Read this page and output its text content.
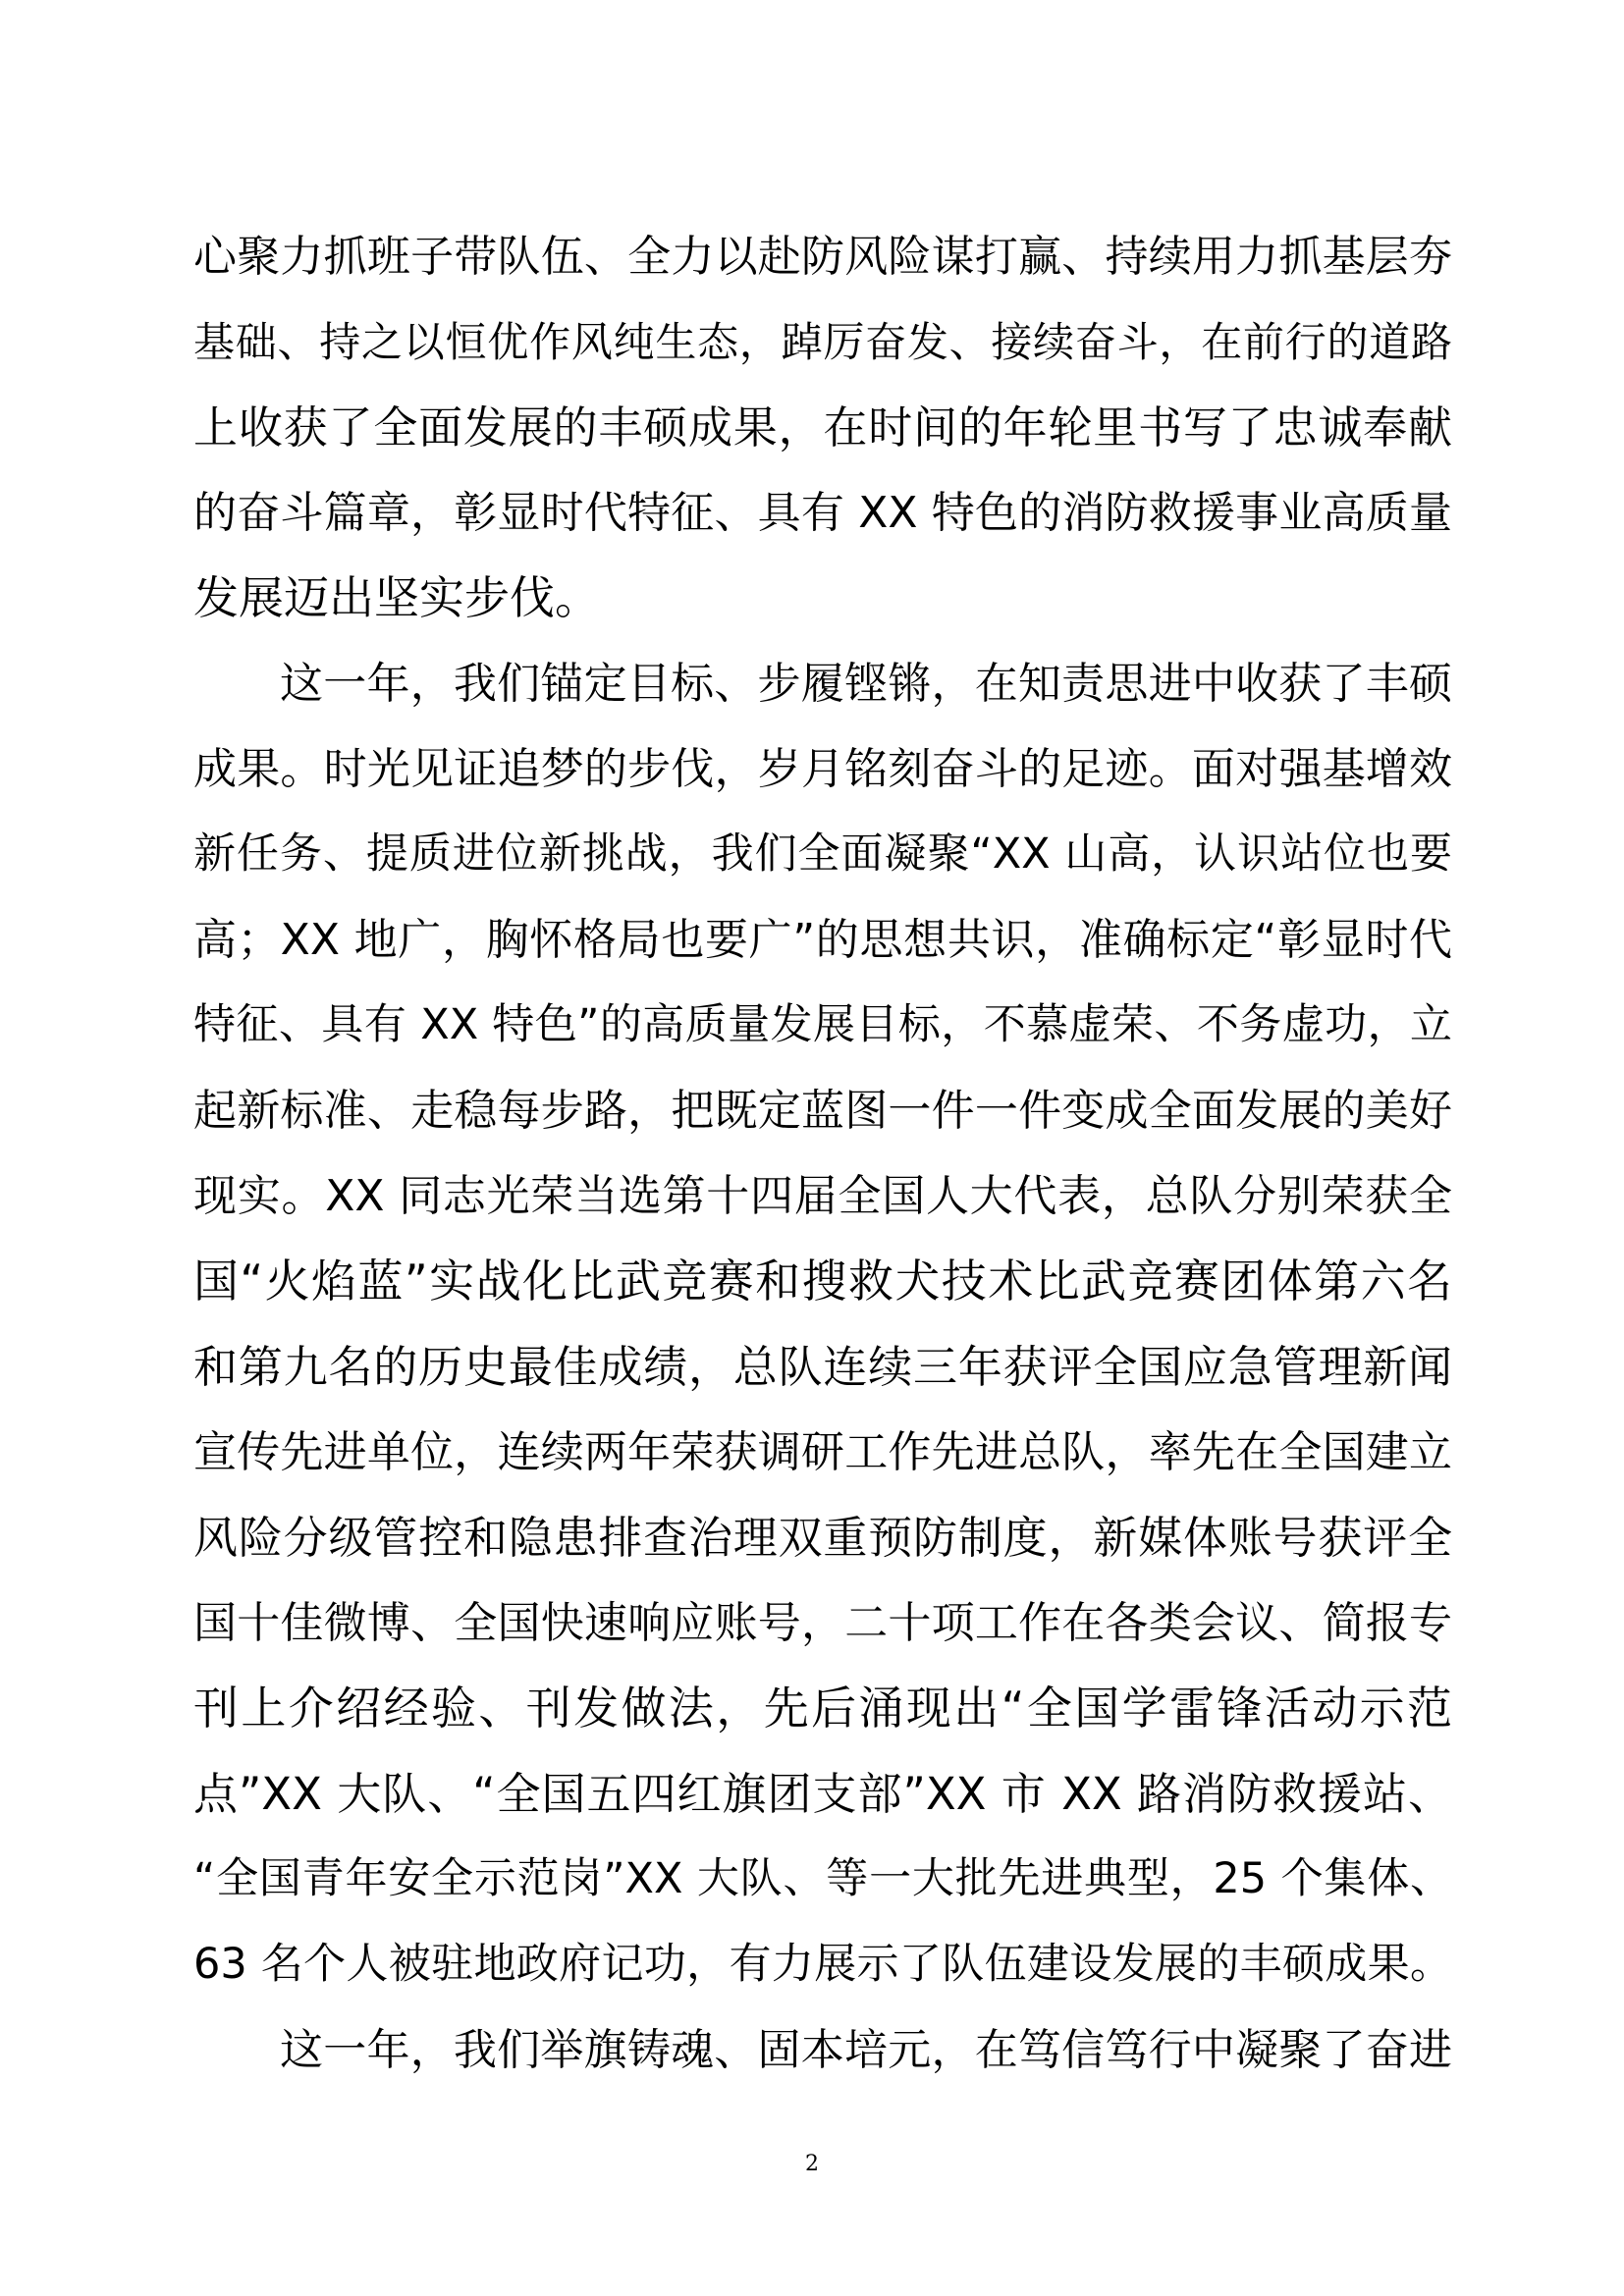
心聚力抓班子带队伍、全力以赴防风险谋打赢、持续用力抓基层夯
基础、持之以恒优作风纯生态，踔厉奋发、接续奋斗，在前行的道路
上收获了全面发展的丰硕成果，在时间的年轮里书写了忠诚奉献
的奋斗篇章，彰显时代特征、具有 XX 特色的消防救援事业高质量
发展迈出坚实步伐。
这一年，我们锚定目标、步履铿锵，在知责思进中收获了丰硕
成果。时光见证追梦的步伐，岁月铭刻奋斗的足迹。面对强基增效
新任务、提质进位新挑战，我们全面凝聚“XX 山高，认识站位也要
高；XX 地广，胸怀格局也要广”的思想共识，准确标定“彰显时代
特征、具有 XX 特色”的高质量发展目标，不慕虚荣、不务虚功，立
起新标准、走稳每步路，把既定蓝图一件一件变成全面发展的美好
现实。XX 同志光荣当选第十四届全国人大代表，总队分别荣获全
国“火焰蓝”实战化比武竞赛和搜救犬技术比武竞赛团体第六名
和第九名的历史最佳成绩，总队连续三年获评全国应急管理新闻
宣传先进单位，连续两年荣获调研工作先进总队，率先在全国建立
风险分级管控和隐患排查治理双重预防制度，新媒体账号获评全
国十佳微博、全国快速响应账号，二十项工作在各类会议、简报专
刊上介绍经验、刊发做法，先后涌现出“全国学雷锋活动示范
点”XX 大队、“全国五四红旗团支部”XX 市 XX 路消防救援站、
“全国青年安全示范岗”XX 大队、等一大批先进典型，25 个集体、
63 名个人被驻地政府记功，有力展示了队伍建设发展的丰硕成果。
这一年，我们举旗铸魂、固本培元，在笃信笃行中凝聚了奋进
2
